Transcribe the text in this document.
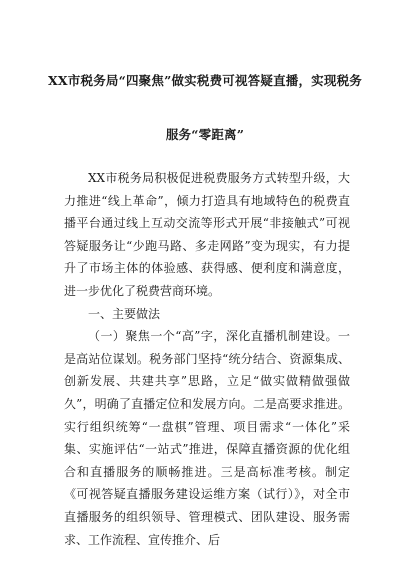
XX市税务局“四聚焦”做实税费可视答疑直播，实现税务
服务“零距离”

XX市税务局积极促进税费服务方式转型升级，大力推进“线上革命”，倾力打造具有地域特色的税费直播平台通过线上互动交流等形式开展“非接触式”可视答疑服务让“少跑马路、多走网路”变为现实，有力提升了市场主体的体验感、获得感、便利度和满意度，进一步优化了税费营商环境。

一、主要做法

（一）聚焦一个“高”字，深化直播机制建设。一是高站位谋划。税务部门坚持“统分结合、资源集成、创新发展、共建共享”思路，立足“做实做精做强做久”，明确了直播定位和发展方向。二是高要求推进。实行组织统筹“一盘棋”管理、项目需求“一体化”采集、实施评估“一站式”推进，保障直播资源的优化组合和直播服务的顺畅推进。三是高标准考核。制定《可视答疑直播服务建设运维方案（试行）》，对全市直播服务的组织领导、管理模式、团队建设、服务需求、工作流程、宣传推介、后
